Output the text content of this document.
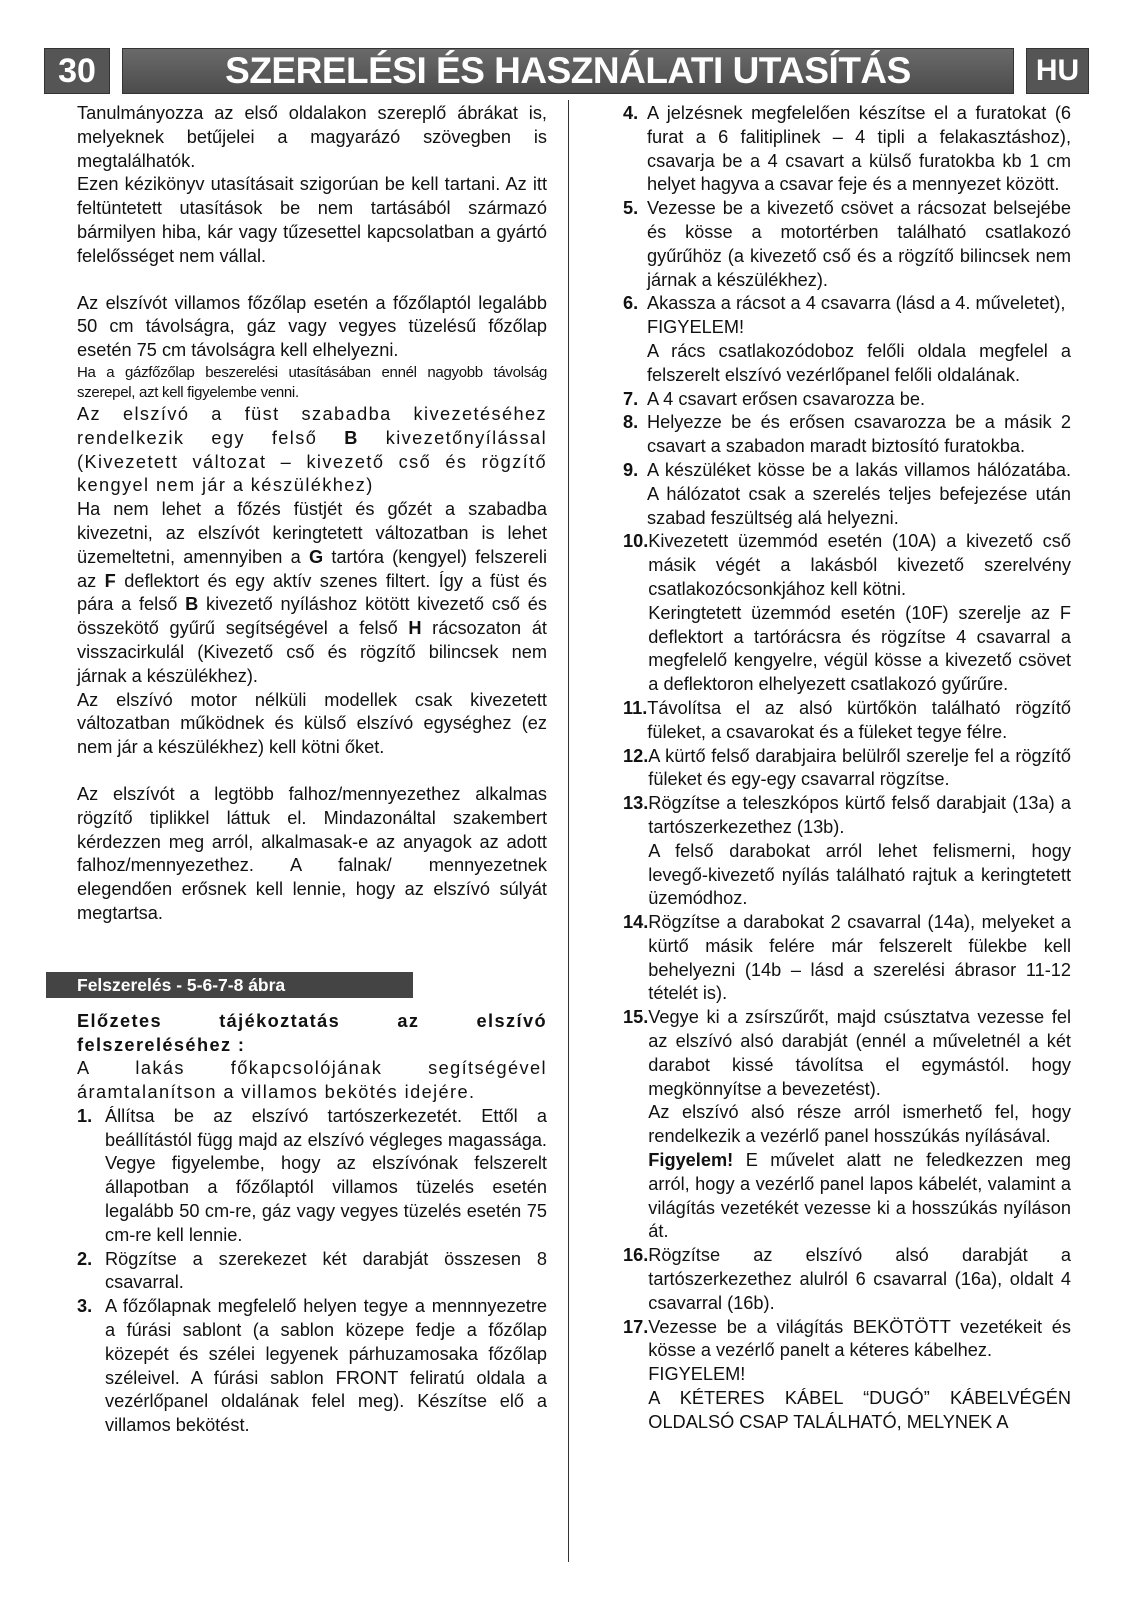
30	SZERELÉSI ÉS HASZNÁLATI UTASÍTÁS	HU

Tanulmányozza az első oldalakon szereplő ábrákat is, melyeknek betűjelei a magyarázó szövegben is megtalálhatók.

Ezen kézikönyv utasításait szigorúan be kell tartani. Az itt feltüntetett utasítások be nem tartásából származó bármilyen hiba, kár vagy tűzesettel kapcsolatban a gyártó felelősséget nem vállal.

Az elszívót villamos főzőlap esetén a főzőlaptól legalább 50 cm távolságra, gáz vagy vegyes tüzelésű főzőlap esetén 75 cm távolságra kell elhelyezni.

Ha a gázfőzőlap beszerelési utasításában ennél nagyobb távolság szerepel, azt kell figyelembe venni.

Az elszívó a füst szabadba kivezetéséhez rendelkezik egy felső B kivezetőnyílással (Kivezetett változat – kivezető cső és rögzítő kengyel nem jár a készülékhez)

Ha nem lehet a főzés füstjét és gőzét a szabadba kivezetni, az elszívót keringtetett változatban is lehet üzemeltetni, amennyiben a G tartóra (kengyel) felszereli az F deflektort és egy aktív szenes filtert. Így a füst és pára a felső B kivezető nyíláshoz kötött kivezető cső és összekötő gyűrű segítségével a felső H rácsozaton át visszacirkulál (Kivezető cső és rögzítő bilincsek nem járnak a készülékhez).

Az elszívó motor nélküli modellek csak kivezetett változatban működnek és külső elszívó egységhez (ez nem jár a készülékhez) kell kötni őket.

Az elszívót a legtöbb falhoz/mennyezethez alkalmas rögzítő tiplikkel láttuk el. Mindazonáltal szakembert kérdezzen meg arról, alkalmasak-e az anyagok az adott falhoz/mennyezethez. A falnak/ mennyezetnek elegendően erősnek kell lennie, hogy az elszívó súlyát megtartsa.

Felszerelés - 5-6-7-8 ábra

Előzetes tájékoztatás az elszívó felszereléséhez :

A lakás főkapcsolójának segítségével áramtalanítson a villamos bekötés idejére.

1. Állítsa be az elszívó tartószerkezetét. Ettől a beállítástól függ majd az elszívó végleges magassága. Vegye figyelembe, hogy az elszívónak felszerelt állapotban a főzőlaptól villamos tüzelés esetén legalább 50 cm-re, gáz vagy vegyes tüzelés esetén 75 cm-re kell lennie.

2. Rögzítse a szerekezet két darabját összesen 8 csavarral.

3. A főzőlapnak megfelelő helyen tegye a mennnyezetre a fúrási sablont (a sablon közepe fedje a főzőlap közepét és szélei legyenek párhuzamosaka főzőlap széleivel. A fúrási sablon FRONT feliratú oldala a vezérlőpanel oldalának felel meg). Készítse elő a villamos bekötést.

4. A jelzésnek megfelelően készítse el a furatokat (6 furat a 6 falitiplinek – 4 tipli a felakasztáshoz), csavarja be a 4 csavart a külső furatokba kb 1 cm helyet hagyva a csavar feje és a mennyezet között.

5. Vezesse be a kivezető csövet a rácsozat belsejébe és kösse a motortérben található csatlakozó gyűrűhöz (a kivezető cső és a rögzítő bilincsek nem járnak a készülékhez).

6. Akassza a rácsot a 4 csavarra (lásd a 4. műveletet),

FIGYELEM!

A rács csatlakozódoboz felőli oldala megfelel a felszerelt elszívó vezérlőpanel felőli oldalának.

7. A 4 csavart erősen csavarozza be.

8. Helyezze be és erősen csavarozza be a másik 2 csavart a szabadon maradt biztosító furatokba.

9. A készüléket kösse be a lakás villamos hálózatába. A hálózatot csak a szerelés teljes befejezése után szabad feszültség alá helyezni.

10. Kivezetett üzemmód esetén (10A) a kivezető cső másik végét a lakásból kivezető szerelvény csatlakozócsonkjához kell kötni.

Keringtetett üzemmód esetén (10F) szerelje az F deflektort a tartórácsra és rögzítse 4 csavarral a megfelelő kengyelre, végül kösse a kivezető csövet a deflektoron elhelyezett csatlakozó gyűrűre.

11. Távolítsa el az alsó kürtőkön található rögzítő füleket, a csavarokat és a füleket tegye félre.

12. A kürtő felső darabjaira belülről szerelje fel a rögzítő füleket és egy-egy csavarral rögzítse.

13. Rögzítse a teleszkópos kürtő felső darabjait (13a) a tartószerkezethez (13b).

A felső darabokat arról lehet felismerni, hogy levegő-kivezető nyílás található rajtuk a keringtetett üzemódhoz.

14. Rögzítse a darabokat 2 csavarral (14a), melyeket a kürtő másik felére már felszerelt fülekbe kell behelyezni (14b – lásd a szerelési ábrasor 11-12 tételét is).

15. Vegye ki a zsírszűrőt, majd csúsztatva vezesse fel az elszívó alsó darabját (ennél a műveletnél a két darabot kissé távolítsa el egymástól. hogy megkönnyítse a bevezetést).

Az elszívó alsó része arról ismerhető fel, hogy rendelkezik a vezérlő panel hosszúkás nyílásával.

Figyelem! E művelet alatt ne feledkezzen meg arról, hogy a vezérlő panel lapos kábelét, valamint a világítás vezetékét vezesse ki a hosszúkás nyíláson át.

16. Rögzítse az elszívó alsó darabját a tartószerkezethez alulról 6 csavarral (16a), oldalt 4 csavarral (16b).

17. Vezesse be a világítás BEKÖTÖTT vezetékeit és kösse a vezérlő panelt a kéteres kábelhez.

FIGYELEM!

A KÉTERES KÁBEL “DUGÓ” KÁBELVÉGÉN OLDALSÓ CSAP TALÁLHATÓ, MELYNEK A
